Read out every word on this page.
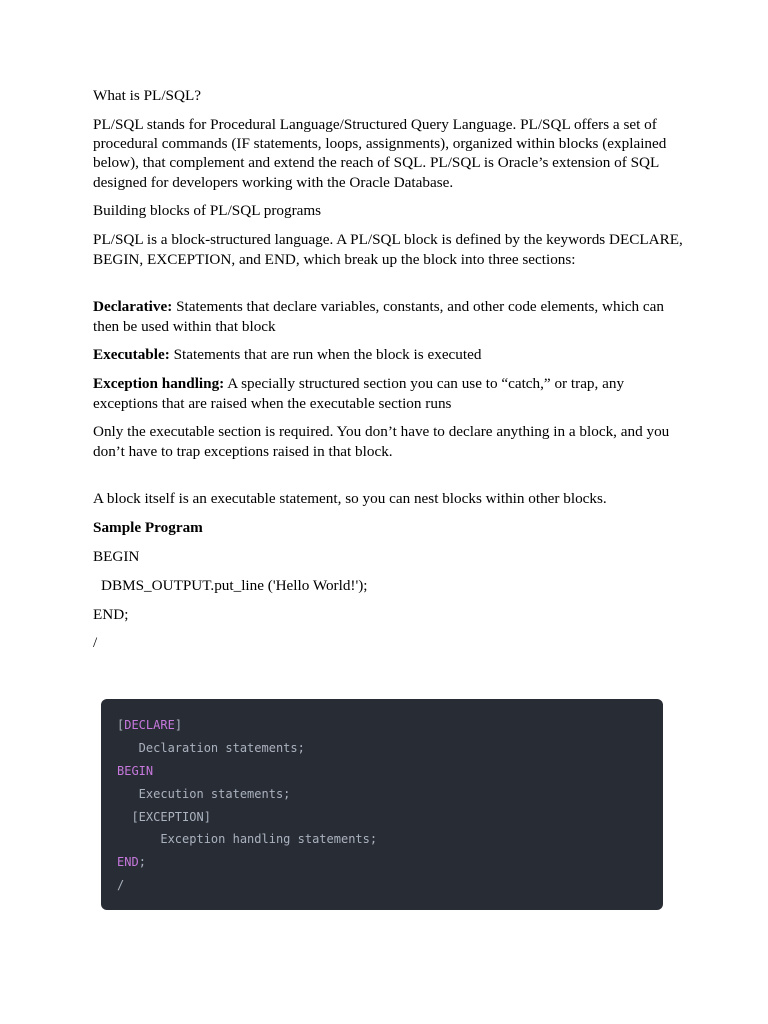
What is PL/SQL?

PL/SQL stands for Procedural Language/Structured Query Language. PL/SQL offers a set of procedural commands (IF statements, loops, assignments), organized within blocks (explained below), that complement and extend the reach of SQL. PL/SQL is Oracle’s extension of SQL designed for developers working with the Oracle Database.

Building blocks of PL/SQL programs

PL/SQL is a block-structured language. A PL/SQL block is defined by the keywords DECLARE, BEGIN, EXCEPTION, and END, which break up the block into three sections:

Declarative: Statements that declare variables, constants, and other code elements, which can then be used within that block

Executable: Statements that are run when the block is executed

Exception handling: A specially structured section you can use to “catch,” or trap, any exceptions that are raised when the executable section runs

Only the executable section is required. You don’t have to declare anything in a block, and you don’t have to trap exceptions raised in that block.

A block itself is an executable statement, so you can nest blocks within other blocks.

Sample Program

BEGIN

DBMS_OUTPUT.put_line ('Hello World!');

END;

/

[DECLARE]
Declaration statements;
BEGIN
Execution statements;
[EXCEPTION]
Exception handling statements;
END;
/
